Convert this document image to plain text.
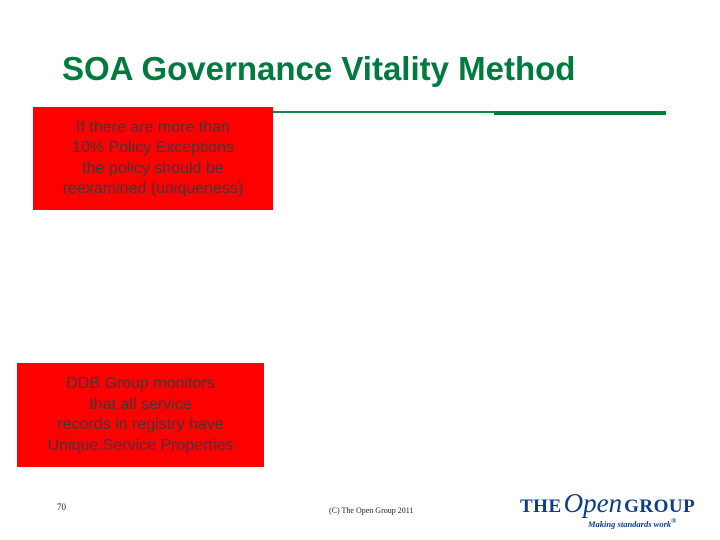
SOA Governance Vitality Method
If there are more than
10% Policy Exceptions
the policy should be
reexamined (uniqueness)
DDB Group monitors
that all service
records in registry have
Unique.Service Properties
70	(C) The Open Group 2011	THEOpen GROUP
Making standards work®
